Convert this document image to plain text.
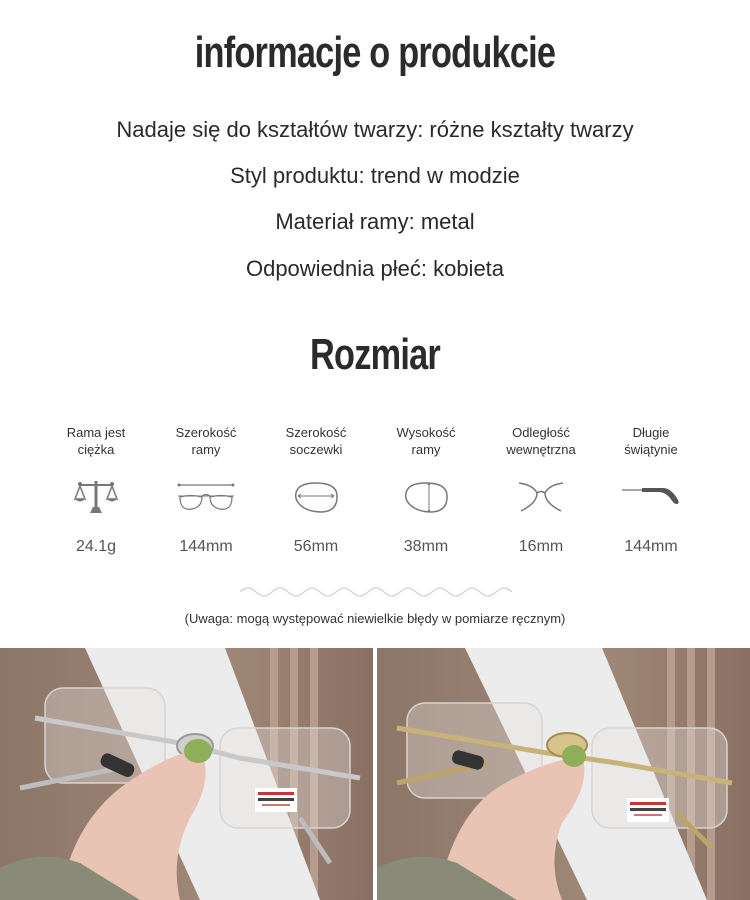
informacje o produkcie
Nadaje się do kształtów twarzy: różne kształty twarzy
Styl produktu: trend w modzie
Materiał ramy: metal
Odpowiednia płeć: kobieta
Rozmiar
Rama jest
ciężka
24.1g
Szerokość
ramy
144mm
Szerokość
soczewki
56mm
Wysokość
ramy
38mm
Odległość
wewnętrzna
16mm
Długie
świątynie
144mm
(Uwaga: mogą występować niewielkie błędy w pomiarze ręcznym)
